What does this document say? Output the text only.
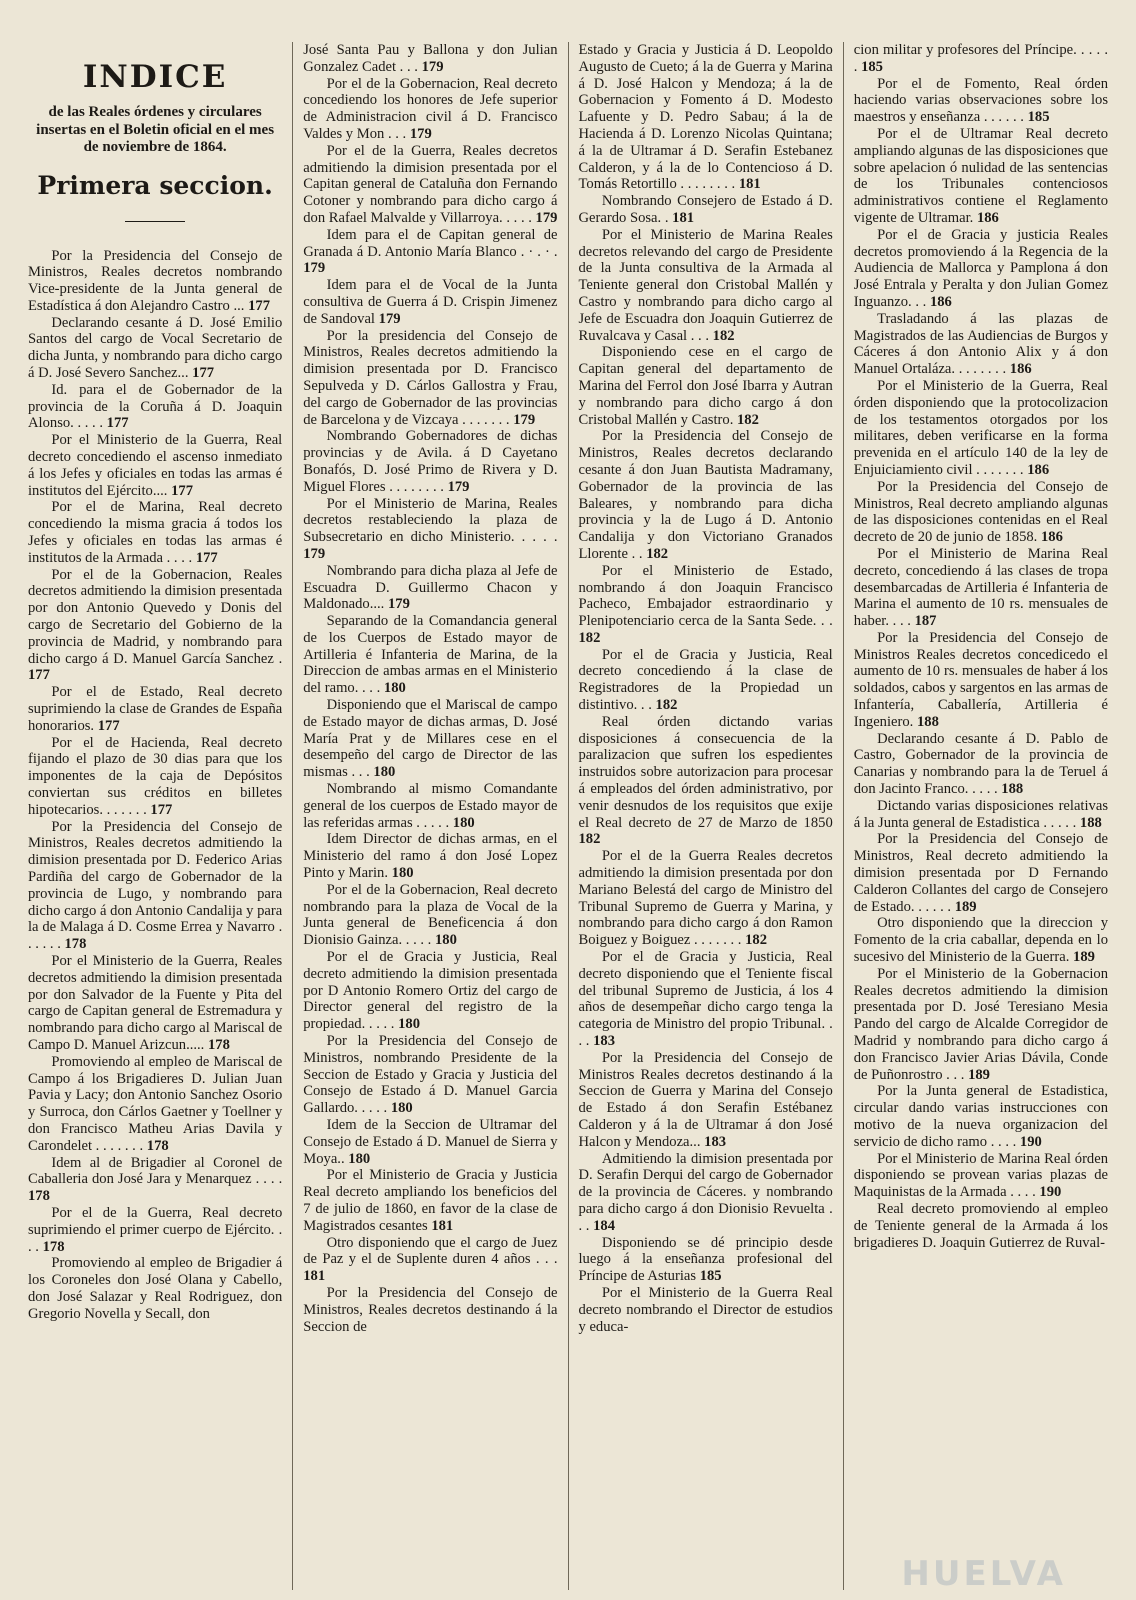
INDICE
de las Reales órdenes y circulares insertas en el Boletin oficial en el mes de noviembre de 1864.
Primera seccion.

Por la Presidencia del Consejo de Ministros, Reales decretos nombrando Vice-presidente de la Junta general de Estadística á don Alejandro Castro ... 177

Declarando cesante á D. José Emilio Santos del cargo de Vocal Secretario de dicha Junta, y nombrando para dicho cargo á D. José Severo Sanchez... 177

Id. para el de Gobernador de la provincia de la Coruña á D. Joaquin Alonso. . . . . 177

Por el Ministerio de la Guerra, Real decreto concediendo el ascenso inmediato á los Jefes y oficiales en todas las armas é institutos del Ejército.... 177

Por el de Marina, Real decreto concediendo la misma gracia á todos los Jefes y oficiales en todas las armas é institutos de la Armada . . . . 177

Por el de la Gobernacion, Reales decretos admitiendo la dimision presentada por don Antonio Quevedo y Donis del cargo de Secretario del Gobierno de la provincia de Madrid, y nombrando para dicho cargo á D. Manuel García Sanchez . 177

Por el de Estado, Real decreto suprimiendo la clase de Grandes de España honorarios. 177

Por el de Hacienda, Real decreto fijando el plazo de 30 dias para que los imponentes de la caja de Depósitos conviertan sus créditos en billetes hipotecarios. . . . . . . 177

Por la Presidencia del Consejo de Ministros, Reales decretos admitiendo la dimision presentada por D. Federico Arias Pardiña del cargo de Gobernador de la provincia de Lugo, y nombrando para dicho cargo á don Antonio Candalija y para la de Malaga á D. Cosme Errea y Navarro . . . . . . 178

Por el Ministerio de la Guerra, Reales decretos admitiendo la dimision presentada por don Salvador de la Fuente y Pita del cargo de Capitan general de Estremadura y nombrando para dicho cargo al Mariscal de Campo D. Manuel Arizcun..... 178

Promoviendo al empleo de Mariscal de Campo á los Brigadieres D. Julian Juan Pavia y Lacy; don Antonio Sanchez Osorio y Surroca, don Cárlos Gaetner y Toellner y don Francisco Matheu Arias Davila y Carondelet . . . . . . . 178

Idem al de Brigadier al Coronel de Caballeria don José Jara y Menarquez . . . . 178

Por el de la Guerra, Real decreto suprimiendo el primer cuerpo de Ejército. . . . 178

Promoviendo al empleo de Brigadier á los Coroneles don José Olana y Cabello, don José Salazar y Real Rodriguez, don Gregorio Novella y Secall, don

José Santa Pau y Ballona y don Julian Gonzalez Cadet . . . 179

Por el de la Gobernacion, Real decreto concediendo los honores de Jefe superior de Administracion civil á D. Francisco Valdes y Mon . . . 179

Por el de la Guerra, Reales decretos admitiendo la dimision presentada por el Capitan general de Cataluña don Fernando Cotoner y nombrando para dicho cargo á don Rafael Malvalde y Villarroya. . . . . 179

Idem para el de Capitan general de Granada á D. Antonio María Blanco . · . · . 179

Idem para el de Vocal de la Junta consultiva de Guerra á D. Crispin Jimenez de Sandoval 179

Por la presidencia del Consejo de Ministros, Reales decretos admitiendo la dimision presentada por D. Francisco Sepulveda y D. Cárlos Gallostra y Frau, del cargo de Gobernador de las provincias de Barcelona y de Vizcaya . . . . . . . 179

Nombrando Gobernadores de dichas provincias y de Avila. á D Cayetano Bonafós, D. José Primo de Rivera y D. Miguel Flores . . . . . . . . 179

Por el Ministerio de Marina, Reales decretos restableciendo la plaza de Subsecretario en dicho Ministerio. . . . . 179

Nombrando para dicha plaza al Jefe de Escuadra D. Guillermo Chacon y Maldonado.... 179

Separando de la Comandancia general de los Cuerpos de Estado mayor de Artilleria é Infanteria de Marina, de la Direccion de ambas armas en el Ministerio del ramo. . . . 180

Disponiendo que el Mariscal de campo de Estado mayor de dichas armas, D. José María Prat y de Millares cese en el desempeño del cargo de Director de las mismas . . . 180

Nombrando al mismo Comandante general de los cuerpos de Estado mayor de las referidas armas . . . . . 180

Idem Director de dichas armas, en el Ministerio del ramo á don José Lopez Pinto y Marin. 180

Por el de la Gobernacion, Real decreto nombrando para la plaza de Vocal de la Junta general de Beneficencia á don Dionisio Gainza. . . . . 180

Por el de Gracia y Justicia, Real decreto admitiendo la dimision presentada por D Antonio Romero Ortiz del cargo de Director general del registro de la propiedad. . . . . 180

Por la Presidencia del Consejo de Ministros, nombrando Presidente de la Seccion de Estado y Gracia y Justicia del Consejo de Estado á D. Manuel Garcia Gallardo. . . . . 180

Idem de la Seccion de Ultramar del Consejo de Estado á D. Manuel de Sierra y Moya.. 180

Por el Ministerio de Gracia y Justicia Real decreto ampliando los beneficios del 7 de julio de 1860, en favor de la clase de Magistrados cesantes 181

Otro disponiendo que el cargo de Juez de Paz y el de Suplente duren 4 años . . . 181

Por la Presidencia del Consejo de Ministros, Reales decretos destinando á la Seccion de

Estado y Gracia y Justicia á D. Leopoldo Augusto de Cueto; á la de Guerra y Marina á D. José Halcon y Mendoza; á la de Gobernacion y Fomento á D. Modesto Lafuente y D. Pedro Sabau; á la de Hacienda á D. Lorenzo Nicolas Quintana; á la de Ultramar á D. Serafin Estebanez Calderon, y á la de lo Contencioso á D. Tomás Retortillo . . . . . . . . 181

Nombrando Consejero de Estado á D. Gerardo Sosa. . 181

Por el Ministerio de Marina Reales decretos relevando del cargo de Presidente de la Junta consultiva de la Armada al Teniente general don Cristobal Mallén y Castro y nombrando para dicho cargo al Jefe de Escuadra don Joaquin Gutierrez de Ruvalcava y Casal . . . 182

Disponiendo cese en el cargo de Capitan general del departamento de Marina del Ferrol don José Ibarra y Autran y nombrando para dicho cargo á don Cristobal Mallén y Castro. 182

Por la Presidencia del Consejo de Ministros, Reales decretos declarando cesante á don Juan Bautista Madramany, Gobernador de la provincia de las Baleares, y nombrando para dicha provincia y la de Lugo á D. Antonio Candalija y don Victoriano Granados Llorente . . 182

Por el Ministerio de Estado, nombrando á don Joaquin Francisco Pacheco, Embajador estraordinario y Plenipotenciario cerca de la Santa Sede. . . 182

Por el de Gracia y Justicia, Real decreto concediendo á la clase de Registradores de la Propiedad un distintivo. . . 182

Real órden dictando varias disposiciones á consecuencia de la paralizacion que sufren los espedientes instruidos sobre autorizacion para procesar á empleados del órden administrativo, por venir desnudos de los requisitos que exije el Real decreto de 27 de Marzo de 1850 182

Por el de la Guerra Reales decretos admitiendo la dimision presentada por don Mariano Belestá del cargo de Ministro del Tribunal Supremo de Guerra y Marina, y nombrando para dicho cargo á don Ramon Boiguez y Boiguez . . . . . . . 182

Por el de Gracia y Justicia, Real decreto disponiendo que el Teniente fiscal del tribunal Supremo de Justicia, á los 4 años de desempeñar dicho cargo tenga la categoria de Ministro del propio Tribunal. . . . 183

Por la Presidencia del Consejo de Ministros Reales decretos destinando á la Seccion de Guerra y Marina del Consejo de Estado á don Serafin Estébanez Calderon y á la de Ultramar á don José Halcon y Mendoza... 183

Admitiendo la dimision presentada por D. Serafin Derqui del cargo de Gobernador de la provincia de Cáceres. y nombrando para dicho cargo á don Dionisio Revuelta . . . 184

Disponiendo se dé principio desde luego á la enseñanza profesional del Príncipe de Asturias 185

Por el Ministerio de la Guerra Real decreto nombrando el Director de estudios y educa-

cion militar y profesores del Príncipe. . . . . . 185

Por el de Fomento, Real órden haciendo varias observaciones sobre los maestros y enseñanza . . . . . . 185

Por el de Ultramar Real decreto ampliando algunas de las disposiciones que sobre apelacion ó nulidad de las sentencias de los Tribunales contenciosos administrativos contiene el Reglamento vigente de Ultramar. 186

Por el de Gracia y justicia Reales decretos promoviendo á la Regencia de la Audiencia de Mallorca y Pamplona á don José Entrala y Peralta y don Julian Gomez Inguanzo. . . 186

Trasladando á las plazas de Magistrados de las Audiencias de Burgos y Cáceres á don Antonio Alix y á don Manuel Ortaláza. . . . . . . . 186

Por el Ministerio de la Guerra, Real órden disponiendo que la protocolizacion de los testamentos otorgados por los militares, deben verificarse en la forma prevenida en el artículo 140 de la ley de Enjuiciamiento civil . . . . . . . 186

Por la Presidencia del Consejo de Ministros, Real decreto ampliando algunas de las disposiciones contenidas en el Real decreto de 20 de junio de 1858. 186

Por el Ministerio de Marina Real decreto, concediendo á las clases de tropa desembarcadas de Artilleria é Infanteria de Marina el aumento de 10 rs. mensuales de haber. . . . 187

Por la Presidencia del Consejo de Ministros Reales decretos concedicedo el aumento de 10 rs. mensuales de haber á los soldados, cabos y sargentos en las armas de Infantería, Caballería, Artilleria é Ingeniero. 188

Declarando cesante á D. Pablo de Castro, Gobernador de la provincia de Canarias y nombrando para la de Teruel á don Jacinto Franco. . . . . 188

Dictando varias disposiciones relativas á la Junta general de Estadistica . . . . . 188

Por la Presidencia del Consejo de Ministros, Real decreto admitiendo la dimision presentada por D Fernando Calderon Collantes del cargo de Consejero de Estado. . . . . . 189

Otro disponiendo que la direccion y Fomento de la cria caballar, dependa en lo sucesivo del Ministerio de la Guerra. 189

Por el Ministerio de la Gobernacion Reales decretos admitiendo la dimision presentada por D. José Teresiano Mesia Pando del cargo de Alcalde Corregidor de Madrid y nombrando para dicho cargo á don Francisco Javier Arias Dávila, Conde de Puñonrostro . . . 189

Por la Junta general de Estadistica, circular dando varias instrucciones con motivo de la nueva organizacion del servicio de dicho ramo . . . . 190

Por el Ministerio de Marina Real órden disponiendo se provean varias plazas de Maquinistas de la Armada . . . . 190

Real decreto promoviendo al empleo de Teniente general de la Armada á los brigadieres D. Joaquin Gutierrez de Ruval-

HUELVA
